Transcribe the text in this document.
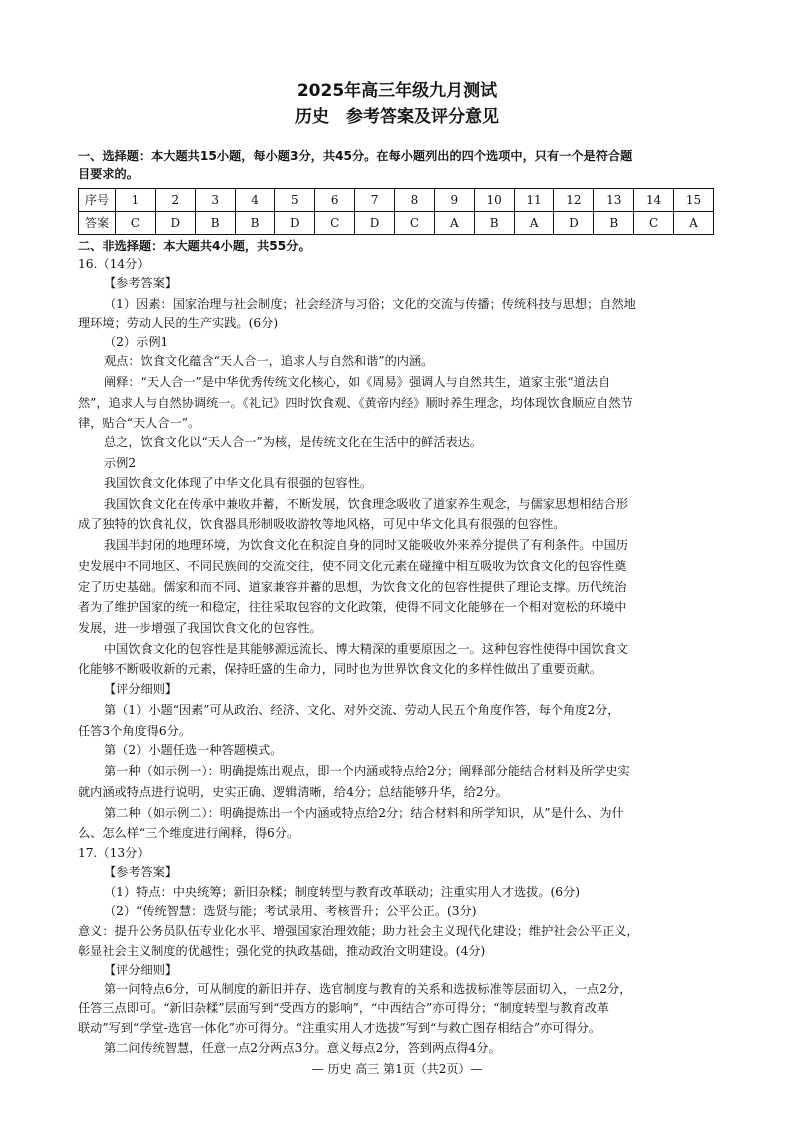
2025年高三年级九月测试
历史　参考答案及评分意见
一、选择题：本大题共15小题，每小题3分，共45分。在每小题列出的四个选项中，只有一个是符合题
目要求的。
序号	1	2	3	4	5	6	7	8	9	10	11	12	13	14	15
答案	C	D	B	B	D	C	D	C	A	B	A	D	B	C	A
二、非选择题：本大题共4小题，共55分。
16.（14分）
【参考答案】
（1）因素：国家治理与社会制度；社会经济与习俗；文化的交流与传播；传统科技与思想；自然地
理环境；劳动人民的生产实践。(6分)
（2）示例1
观点：饮食文化蕴含“天人合一，追求人与自然和谐”的内涵。
阐释：“天人合一”是中华优秀传统文化核心，如《周易》强调人与自然共生，道家主张“道法自
然”，追求人与自然协调统一。《礼记》四时饮食观、《黄帝内经》顺时养生理念，均体现饮食顺应自然节
律，贴合“天人合一”。
总之，饮食文化以“天人合一”为核，是传统文化在生活中的鲜活表达。
示例2
我国饮食文化体现了中华文化具有很强的包容性。
我国饮食文化在传承中兼收并蓄，不断发展，饮食理念吸收了道家养生观念，与儒家思想相结合形
成了独特的饮食礼仪，饮食器具形制吸收游牧等地风格，可见中华文化具有很强的包容性。
我国半封闭的地理环境，为饮食文化在积淀自身的同时又能吸收外来养分提供了有利条件。中国历
史发展中不同地区、不同民族间的交流交往，使不同文化元素在碰撞中相互吸收为饮食文化的包容性奠
定了历史基础。儒家和而不同、道家兼容并蓄的思想，为饮食文化的包容性提供了理论支撑。历代统治
者为了维护国家的统一和稳定，往往采取包容的文化政策，使得不同文化能够在一个相对宽松的环境中
发展，进一步增强了我国饮食文化的包容性。
中国饮食文化的包容性是其能够源远流长、博大精深的重要原因之一。这种包容性使得中国饮食文
化能够不断吸收新的元素，保持旺盛的生命力，同时也为世界饮食文化的多样性做出了重要贡献。
【评分细则】
第（1）小题“因素”可从政治、经济、文化、对外交流、劳动人民五个角度作答，每个角度2分，
任答3个角度得6分。
第（2）小题任选一种答题模式。
第一种（如示例一）：明确提炼出观点，即一个内涵或特点给2分；阐释部分能结合材料及所学史实
就内涵或特点进行说明，史实正确、逻辑清晰，给4分；总结能够升华，给2分。
第二种（如示例二）：明确提炼出一个内涵或特点给2分；结合材料和所学知识，从”是什么、为什
么、怎么样“三个维度进行阐释，得6分。
17.（13分）
【参考答案】
（1）特点：中央统筹；新旧杂糅；制度转型与教育改革联动；注重实用人才选拔。(6分)
（2）“传统智慧：选贤与能；考试录用、考核晋升；公平公正。(3分)
意义：提升公务员队伍专业化水平、增强国家治理效能；助力社会主义现代化建设；维护社会公平正义，
彰显社会主义制度的优越性；强化党的执政基础，推动政治文明建设。(4分)
【评分细则】
第一问特点6分，可从制度的新旧并存、选官制度与教育的关系和选拔标准等层面切入，一点2分，
任答三点即可。“新旧杂糅”层面写到“受西方的影响”，“中西结合”亦可得分；“制度转型与教育改革
联动”写到“学堂-选官一体化”亦可得分。“注重实用人才选拔”写到“与救亡图存相结合”亦可得分。
第二问传统智慧，任意一点2分两点3分。意义每点2分，答到两点得4分。
— 历史 高三 第1页（共2页）—
